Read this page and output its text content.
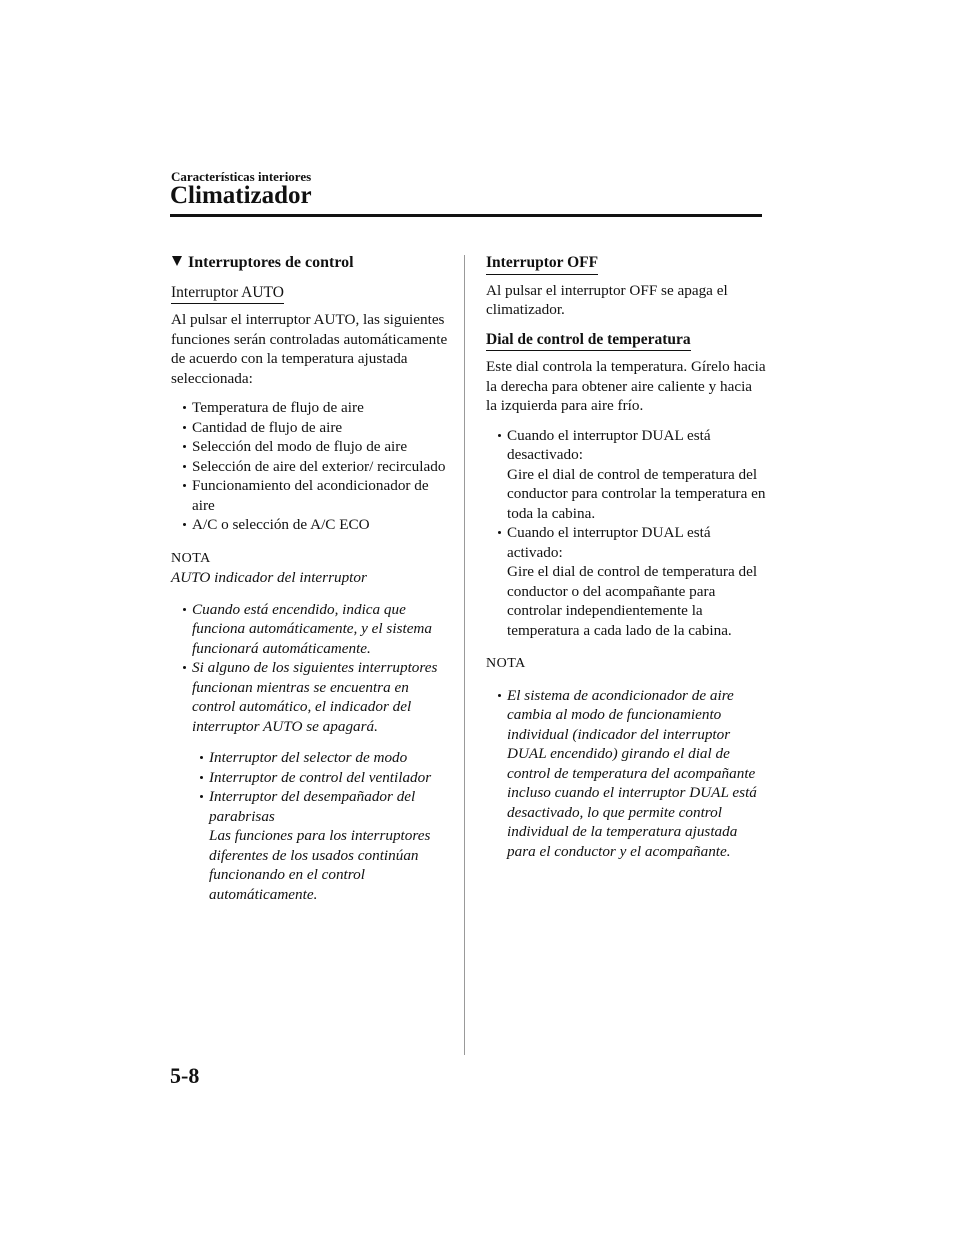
Características interiores
Climatizador
Interruptores de control
Interruptor AUTO

Al pulsar el interruptor AUTO, las siguientes funciones serán controladas automáticamente de acuerdo con la temperatura ajustada seleccionada:

Temperatura de flujo de aire
Cantidad de flujo de aire
Selección del modo de flujo de aire
Selección de aire del exterior/ recirculado
Funcionamiento del acondicionador de aire
A/C o selección de A/C ECO
NOTA
AUTO indicador del interruptor
Cuando está encendido, indica que funciona automáticamente, y el sistema funcionará automáticamente.
Si alguno de los siguientes interruptores funcionan mientras se encuentra en control automático, el indicador del interruptor AUTO se apagará.
Interruptor del selector de modo
Interruptor de control del ventilador
Interruptor del desempañador del parabrisas
Las funciones para los interruptores diferentes de los usados continúan funcionando en el control automáticamente.
Interruptor OFF

Al pulsar el interruptor OFF se apaga el climatizador.

Dial de control de temperatura

Este dial controla la temperatura. Gírelo hacia la derecha para obtener aire caliente y hacia la izquierda para aire frío.

Cuando el interruptor DUAL está desactivado:
Gire el dial de control de temperatura del conductor para controlar la temperatura en toda la cabina.
Cuando el interruptor DUAL está activado:
Gire el dial de control de temperatura del conductor o del acompañante para controlar independientemente la temperatura a cada lado de la cabina.
NOTA
El sistema de acondicionador de aire cambia al modo de funcionamiento individual (indicador del interruptor DUAL encendido) girando el dial de control de temperatura del acompañante incluso cuando el interruptor DUAL está desactivado, lo que permite control individual de la temperatura ajustada para el conductor y el acompañante.
5-8
